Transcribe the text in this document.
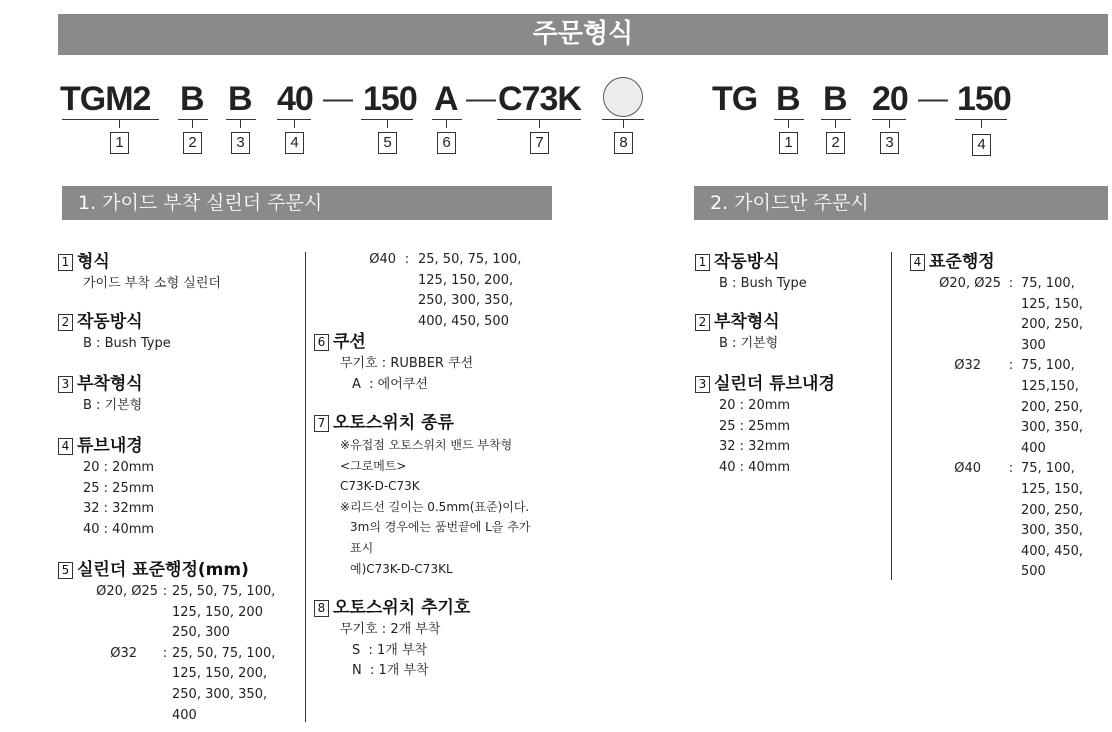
주문형식
TGM2 B B 40 — 150 A — C73K
1	2	3	4	5	6	7	8
TG B B 20 — 150
1	2	3	4
1. 가이드 부착 실린더 주문시	2. 가이드만 주문시
1 형식
가이드 부착 소형 실린더
2 작동방식
B : Bush Type
3 부착형식
B : 기본형
4 튜브내경
20 : 20mm
25 : 25mm
32 : 32mm
40 : 40mm
5 실린더 표준행정(mm)
Ø20, Ø25 : 25, 50, 75, 100,
125, 150, 200
250, 300
Ø32	: 25, 50, 75, 100,
125, 150, 200,
250, 300, 350,
400
Ø40 : 25, 50, 75, 100,
125, 150, 200,
250, 300, 350,
400, 450, 500
6 쿠션
무기호 : RUBBER 쿠션
A  : 에어쿠션
7 오토스위치 종류
※유접점 오토스위치 밴드 부착형
<그로메트>
C73K-D-C73K
※리드선 길이는 0.5mm(표준)이다.
3m의 경우에는 품번끝에 L을 추가
표시
예)C73K-D-C73KL
8 오토스위치 추기호
무기호 : 2개 부착
S  : 1개 부착
N  : 1개 부착
1 작동방식
B : Bush Type
2 부착형식
B : 기본형
3 실린더 튜브내경
20 : 20mm
25 : 25mm
32 : 32mm
40 : 40mm
4 표준행정
Ø20, Ø25 : 75, 100,
125, 150,
200, 250,
300
Ø32	: 75, 100,
125,150,
200, 250,
300, 350,
400
Ø40	: 75, 100,
125, 150,
200, 250,
300, 350,
400, 450,
500
